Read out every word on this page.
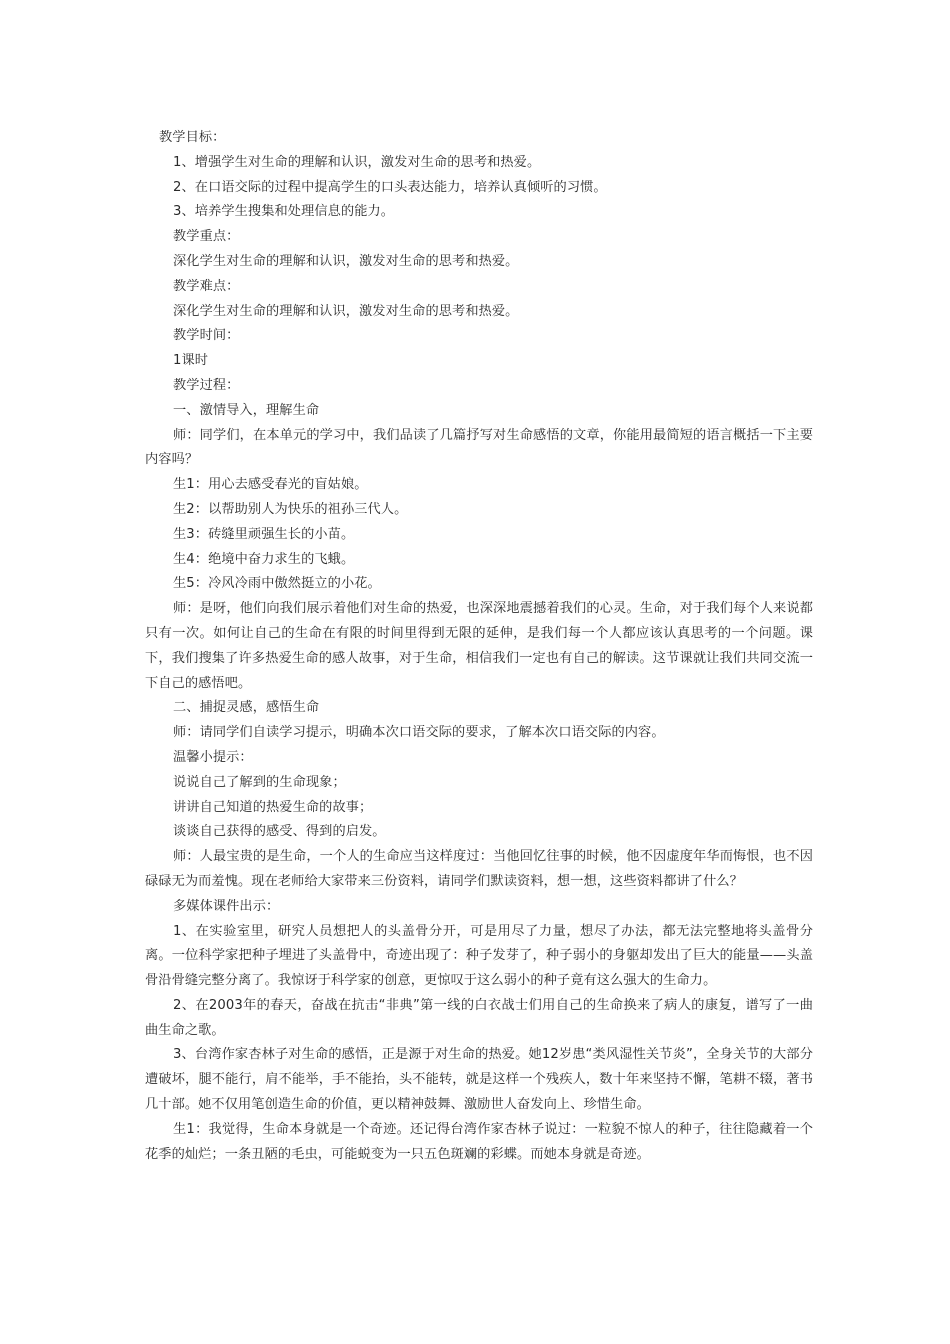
教学目标：

1、增强学生对生命的理解和认识，激发对生命的思考和热爱。

2、在口语交际的过程中提高学生的口头表达能力，培养认真倾听的习惯。

3、培养学生搜集和处理信息的能力。

教学重点：

深化学生对生命的理解和认识，激发对生命的思考和热爱。

教学难点：

深化学生对生命的理解和认识，激发对生命的思考和热爱。

教学时间：

1课时

教学过程：

一、激情导入，理解生命

师：同学们，在本单元的学习中，我们品读了几篇抒写对生命感悟的文章，你能用最简短的语言概括一下主要内容吗？

生1：用心去感受春光的盲姑娘。

生2：以帮助别人为快乐的祖孙三代人。

生3：砖缝里顽强生长的小苗。

生4：绝境中奋力求生的飞蛾。

生5：冷风冷雨中傲然挺立的小花。

师：是呀，他们向我们展示着他们对生命的热爱，也深深地震撼着我们的心灵。生命，对于我们每个人来说都只有一次。如何让自己的生命在有限的时间里得到无限的延伸，是我们每一个人都应该认真思考的一个问题。课下，我们搜集了许多热爱生命的感人故事，对于生命，相信我们一定也有自己的解读。这节课就让我们共同交流一下自己的感悟吧。

二、捕捉灵感，感悟生命

师：请同学们自读学习提示，明确本次口语交际的要求，了解本次口语交际的内容。

温馨小提示：

说说自己了解到的生命现象；

讲讲自己知道的热爱生命的故事；

谈谈自己获得的感受、得到的启发。

师：人最宝贵的是生命，一个人的生命应当这样度过：当他回忆往事的时候，他不因虚度年华而悔恨，也不因碌碌无为而羞愧。现在老师给大家带来三份资料，请同学们默读资料，想一想，这些资料都讲了什么？

多媒体课件出示：

1、在实验室里，研究人员想把人的头盖骨分开，可是用尽了力量，想尽了办法，都无法完整地将头盖骨分离。一位科学家把种子埋进了头盖骨中，奇迹出现了：种子发芽了，种子弱小的身躯却发出了巨大的能量——头盖骨沿骨缝完整分离了。我惊讶于科学家的创意，更惊叹于这么弱小的种子竟有这么强大的生命力。

2、在2003年的春天，奋战在抗击“非典”第一线的白衣战士们用自己的生命换来了病人的康复，谱写了一曲曲生命之歌。

3、台湾作家杏林子对生命的感悟，正是源于对生命的热爱。她12岁患“类风湿性关节炎”，全身关节的大部分遭破坏，腿不能行，肩不能举，手不能抬，头不能转，就是这样一个残疾人，数十年来坚持不懈，笔耕不辍，著书几十部。她不仅用笔创造生命的价值，更以精神鼓舞、激励世人奋发向上、珍惜生命。

生1：我觉得，生命本身就是一个奇迹。还记得台湾作家杏林子说过：一粒貌不惊人的种子，往往隐藏着一个花季的灿烂；一条丑陋的毛虫，可能蜕变为一只五色斑斓的彩蝶。而她本身就是奇迹。
